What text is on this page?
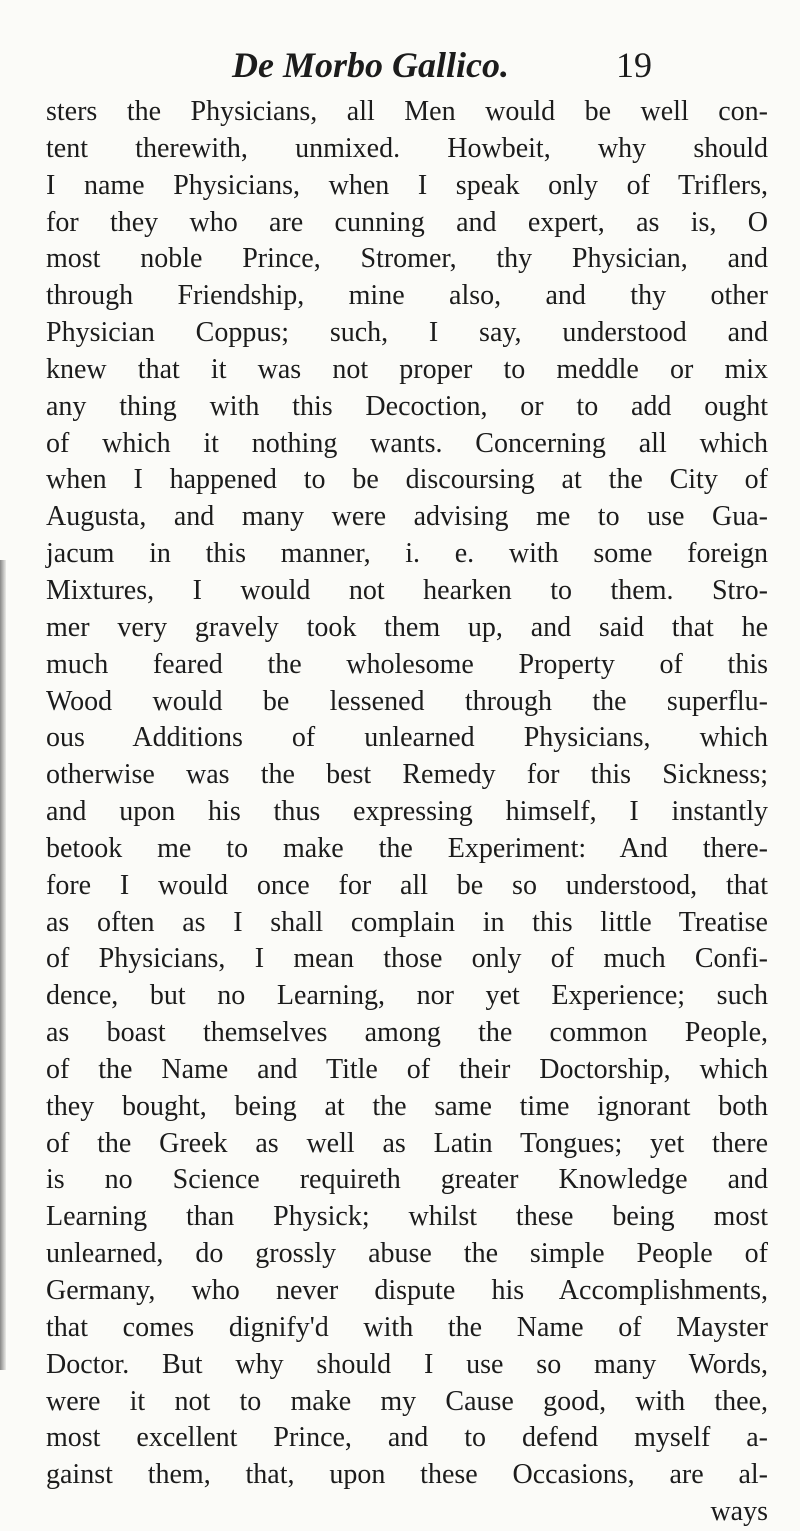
De Morbo Gallico.	19
sters the Physicians, all Men would be well con-
tent therewith, unmixed. Howbeit, why should
I name Physicians, when I speak only of Triflers,
for they who are cunning and expert, as is, O
most noble Prince, Stromer, thy Physician, and
through Friendship, mine also, and thy other
Physician Coppus; such, I say, understood and
knew that it was not proper to meddle or mix
any thing with this Decoction, or to add ought
of which it nothing wants. Concerning all which
when I happened to be discoursing at the City of
Augusta, and many were advising me to use Gua-
jacum in this manner, i. e. with some foreign
Mixtures, I would not hearken to them. Stro-
mer very gravely took them up, and said that he
much feared the wholesome Property of this
Wood would be lessened through the superflu-
ous Additions of unlearned Physicians, which
otherwise was the best Remedy for this Sickness;
and upon his thus expressing himself, I instantly
betook me to make the Experiment: And there-
fore I would once for all be so understood, that
as often as I shall complain in this little Treatise
of Physicians, I mean those only of much Confi-
dence, but no Learning, nor yet Experience; such
as boast themselves among the common People,
of the Name and Title of their Doctorship, which
they bought, being at the same time ignorant both
of the Greek as well as Latin Tongues; yet there
is no Science requireth greater Knowledge and
Learning than Physick; whilst these being most
unlearned, do grossly abuse the simple People of
Germany, who never dispute his Accomplishments,
that comes dignify'd with the Name of Mayster
Doctor. But why should I use so many Words,
were it not to make my Cause good, with thee,
most excellent Prince, and to defend myself a-
gainst them, that, upon these Occasions, are al-
ways
